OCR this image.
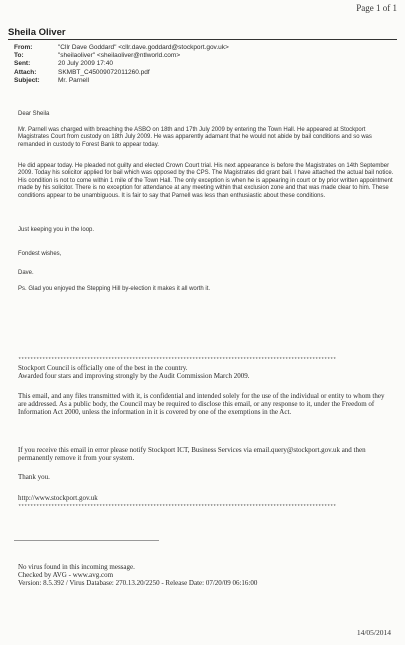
Page 1 of 1
Sheila Oliver
From:	"Cllr Dave Goddard" <cllr.dave.goddard@stockport.gov.uk>
To:	"sheilaoliver" <sheilaoliver@ntlworld.com>
Sent:	20 July 2009 17:40
Attach:	SKMBT_C45009072011260.pdf
Subject:	Mr. Parnell
Dear Sheila

Mr. Parnell was charged with breaching the ASBO on 18th and 17th July 2009 by entering the Town Hall. He appeared at Stockport Magistrates Court from custody on 18th July 2009. He was apparently adamant that he would not abide by bail conditions and so was remanded in custody to Forest Bank to appear today.

He did appear today. He pleaded not guilty and elected Crown Court trial. His next appearance is before the Magistrates on 14th September 2009. Today his solicitor applied for bail which was opposed by the CPS. The Magistrates did grant bail. I have attached the actual bail notice. His condition is not to come within 1 mile of the Town Hall. The only exception is when he is appearing in court or by prior written appointment made by his solicitor. There is no exception for attendance at any meeting within that exclusion zone and that was made clear to him. These conditions appear to be unambiguous. It is fair to say that Parnell was less than enthusiastic about these conditions.

Just keeping you in the loop.
Fondest wishes,
Dave.
Ps. Glad you enjoyed the Stepping Hill by-election it makes it all worth it.
**********************************************************************************************************

Stockport Council is officially one of the best in the country.

Awarded four stars and improving strongly by the Audit Commission March 2009.

This email, and any files transmitted with it, is confidential and intended solely for the use of the individual or entity to whom they are addressed. As a public body, the Council may be required to disclose this email, or any response to it, under the Freedom of Information Act 2000, unless the information in it is covered by one of the exemptions in the Act.

If you receive this email in error please notify Stockport ICT, Business Services via email.query@stockport.gov.uk and then permanently remove it from your system.

Thank you.
http://www.stockport.gov.uk
**********************************************************************************************************

No virus found in this incoming message.

Checked by AVG - www.avg.com

Version: 8.5.392 / Virus Database: 270.13.20/2250 - Release Date: 07/20/09 06:16:00

14/05/2014
